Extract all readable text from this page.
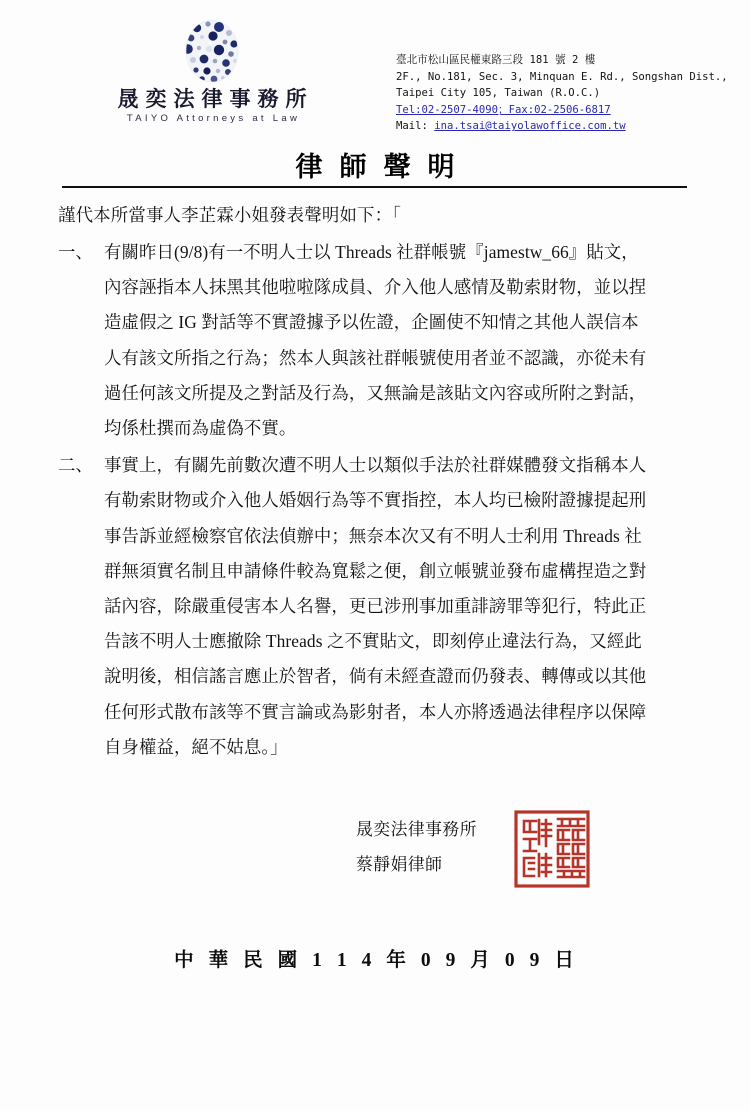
晟奕法律事務所
TAIYO Attorneys at Law
臺北市松山區民權東路三段 181 號 2 樓
2F., No.181, Sec. 3, Minquan E. Rd., Songshan Dist.,
Taipei City 105, Taiwan (R.O.C.)
Tel:02-2507-4090；Fax:02-2506-6817
Mail: ina.tsai@taiyolawoffice.com.tw
律師聲明
謹代本所當事人李芷霖小姐發表聲明如下：「
一、 有關昨日(9/8)有一不明人士以 Threads 社群帳號『jamestw_66』貼文，
內容誣指本人抹黑其他啦啦隊成員、介入他人感情及勒索財物，並以捏
造虛假之 IG 對話等不實證據予以佐證，企圖使不知情之其他人誤信本
人有該文所指之行為；然本人與該社群帳號使用者並不認識，亦從未有
過任何該文所提及之對話及行為，又無論是該貼文內容或所附之對話，
均係杜撰而為虛偽不實。
二、 事實上，有關先前數次遭不明人士以類似手法於社群媒體發文指稱本人
有勒索財物或介入他人婚姻行為等不實指控，本人均已檢附證據提起刑
事告訴並經檢察官依法偵辦中；無奈本次又有不明人士利用 Threads 社
群無須實名制且申請條件較為寬鬆之便，創立帳號並發布虛構捏造之對
話內容，除嚴重侵害本人名譽，更已涉刑事加重誹謗罪等犯行，特此正
告該不明人士應撤除 Threads 之不實貼文，即刻停止違法行為，又經此
說明後，相信謠言應止於智者，倘有未經查證而仍發表、轉傳或以其他
任何形式散布該等不實言論或為影射者，本人亦將透過法律程序以保障
自身權益，絕不姑息。」
晟奕法律事務所
蔡靜娟律師
中 華 民 國 1 1 4 年 0 9 月 0 9 日
